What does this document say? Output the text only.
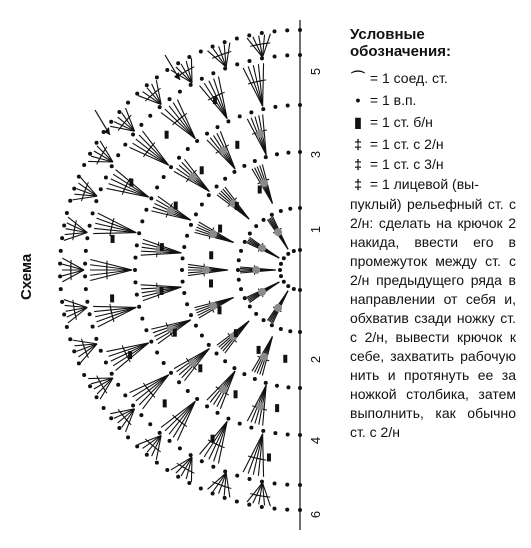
Схема
Условные обозначения:
⌒ = 1 соед. ст.
• = 1 в.п.
▮ = 1 ст. б/н
‡ = 1 ст. с 2/н
‡ = 1 ст. с 3/н
‡ = 1 лицевой (вы-
пуклый) рельефный ст. с 2/н: сделать на крючок 2 накида, ввести его в промежуток между ст. с 2/н предыдущего ряда в направлении от себя и, обхватив сзади ножку ст. с 2/н, вывести крючок к себе, захватить рабочую нить и протянуть ее за ножкой столбика, затем выполнить, как обычно ст. с 2/н
5
3
1
2
4
6
